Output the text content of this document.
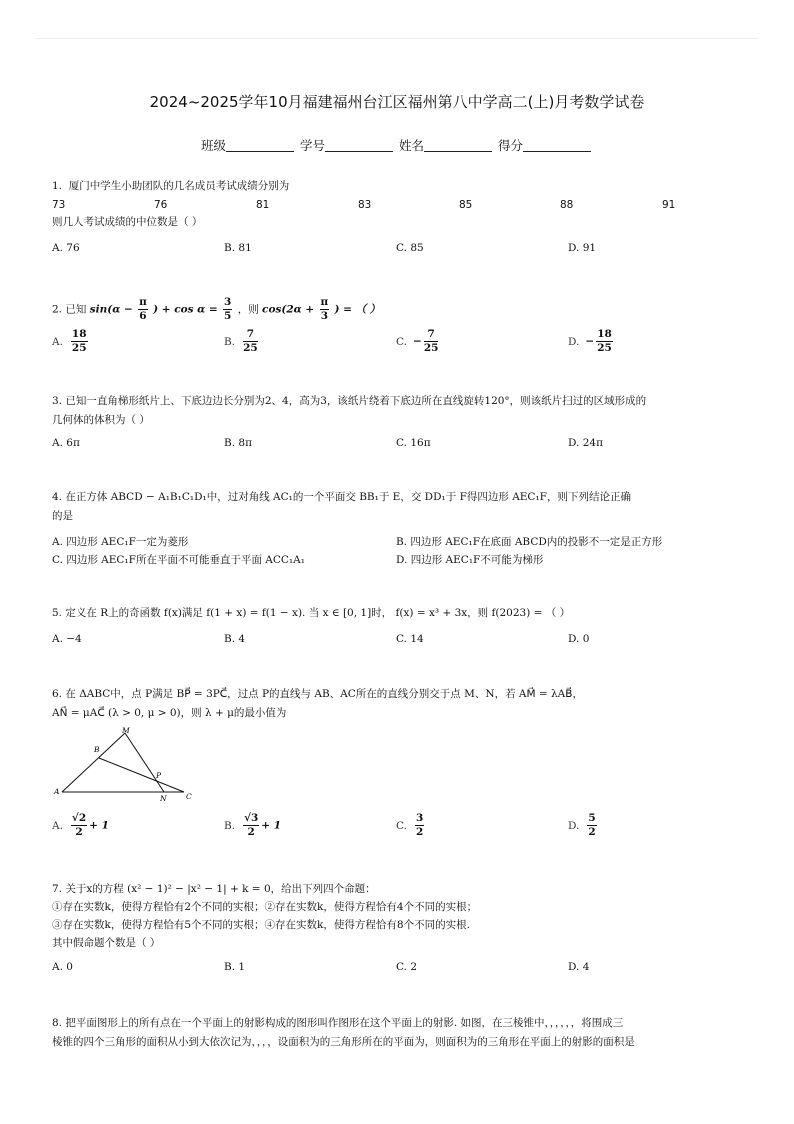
2024~2025学年10月福建福州台江区福州第八中学高二(上)月考数学试卷
班级	学号	姓名	得分
1.  厦门中学生小助团队的几名成员考试成绩分别为
73	76	81	83	85	88	91
则几人考试成绩的中位数是（ ）
A. 76	B. 81	C. 85	D. 91
2. 已知 $\sin(\alpha - \frac{\pi}{6}$ ) + $\cos \alpha = \frac{3}{5}$ ，则 $\cos(2\alpha + \frac{\pi}{3}$ ) = （ ）
A. $\frac{18}{25}$	B. $\frac{7}{25}$	C. − $\frac{7}{25}$	D. − $\frac{18}{25}$
3. 已知一直角梯形纸片上、下底边边长分别为2、4，高为3，该纸片绕着下底边所在直线旋转120°，则该纸片扫过的区域形成的
几何体的体积为（ ）
A. 6π	B. 8π	C. 16π	D. 24π
4. 在正方体 ABCD − A₁B₁C₁D₁中，过对角线 AC₁的一个平面交 BB₁于 E，交 DD₁于 F得四边形 AEC₁F，则下列结论正确
的是
A. 四边形 AEC₁F一定为菱形	B. 四边形 AEC₁F在底面 ABCD内的投影不一定是正方形
C. 四边形 AEC₁F所在平面不可能垂直于平面 ACC₁A₁	D. 四边形 AEC₁F不可能为梯形
5. 定义在 R上的奇函数 f(x)满足 f(1 + x) = f(1 − x). 当 x ∈ [0, 1]时， f(x) = x³ + 3x，则 f(2023) = （ ）
A. −4	B. 4	C. 14	D. 0
6. 在 ΔABC中，点 P满足 BP⃗ = 3PC⃗，过点 P的直线与 AB、AC所在的直线分别交于点 M、N，若 AM⃗ = λAB⃗，
AN⃗ = μAC⃗ (λ > 0, μ > 0)，则 λ + μ的最小值为
M
B
P
A
N	C
A. $\frac{√2}{2} + 1$	B. $\frac{√3}{2} + 1$	C. $\frac{3}{2}$	D. $\frac{5}{2}$
7. 关于x的方程 (x² − 1)² − |x² − 1| + k = 0，给出下列四个命题：
①存在实数k，使得方程恰有2个不同的实根；②存在实数k，使得方程恰有4个不同的实根；
③存在实数k，使得方程恰有5个不同的实根；④存在实数k，使得方程恰有8个不同的实根.
其中假命题个数是（ ）
A. 0	B. 1	C. 2	D. 4
8. 把平面图形上的所有点在一个平面上的射影构成的图形叫作图形在这个平面上的射影. 如图，在三棱锥中，，，，，，将围成三
棱锥的四个三角形的面积从小到大依次记为，，，，设面积为的三角形所在的平面为，则面积为的三角形在平面上的射影的面积是
